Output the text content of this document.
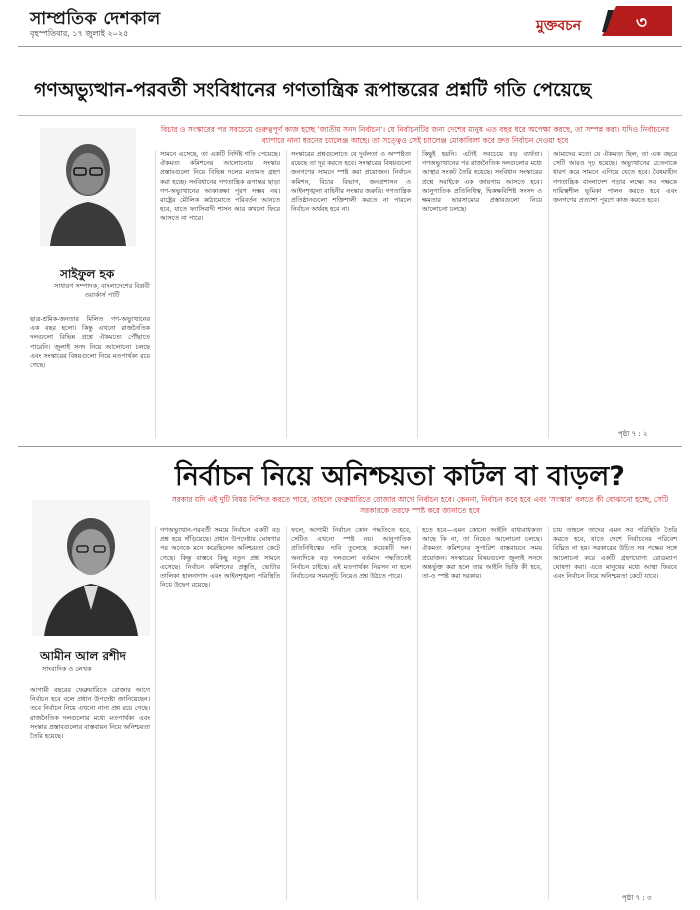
সাম্প্রতিক দেশকাল
বৃহস্পতিবার, ১৭ জুলাই ২০২৫	মুক্তবচন	৩
গণঅভ্যুত্থান-পরবর্তী সংবিধানের গণতান্ত্রিক রূপান্তরের প্রশ্নটি গতি পেয়েছে
সাইফুল হক
সাধারণ সম্পাদক, বাংলাদেশের বিপ্লবী ওয়ার্কার্স পার্টি
বিচার ও সংস্কারের পর সবচেয়ে গুরুত্বপূর্ণ কাজ হচ্ছে 'জাতীয় সনদ নির্বাচন'। যে নির্বাচনটির জন্য দেশের মানুষ এত বছর ধরে অপেক্ষা করছে, তা সম্পন্ন করা। যদিও নির্বাচনের ব্যাপারে নানা ধরনের চ্যালেঞ্জ আছে। তা সত্ত্বেও সেই চ্যালেঞ্জ মোকাবিলা করে দ্রুত নির্বাচন দেওয়া হবে
ছাত্র-শ্রমিক-জনতার মিলিত গণ-অভ্যুত্থানের এক বছর হলো। কিন্তু এখনো রাজনৈতিক দলগুলো বিভিন্ন প্রশ্নে ঐকমত্যে পৌঁছাতে পারেনি। জুলাই সনদ নিয়ে আলোচনা চলছে এবং সংস্কারের বিষয়গুলো নিয়ে মতপার্থক্য রয়ে গেছে।
সামনে এসেছে, তা একটি নির্দিষ্ট গতি পেয়েছে। ঐকমত্য কমিশনের আলোচনায় সংস্কার প্রস্তাবগুলো নিয়ে বিভিন্ন দলের মতামত গ্রহণ করা হচ্ছে। সংবিধানের গণতান্ত্রিক রূপান্তর ছাড়া গণ-অভ্যুত্থানের আকাঙ্ক্ষা পূরণ সম্ভব নয়। রাষ্ট্রের মৌলিক কাঠামোতে পরিবর্তন আনতে হবে, যাতে ফ্যাসিবাদী শাসন আর কখনো ফিরে আসতে না পারে।
সংস্কারের প্রশ্নগুলোতে যে দুর্বলতা ও অস্পষ্টতা রয়েছে তা দূর করতে হবে। সংস্কারের বিষয়গুলো জনগণের সামনে স্পষ্ট করা প্রয়োজন। নির্বাচন কমিশন, বিচার বিভাগ, জনপ্রশাসন ও আইনশৃঙ্খলা বাহিনীর সংস্কার জরুরি। গণতান্ত্রিক প্রতিষ্ঠানগুলো শক্তিশালী করতে না পারলে নির্বাচন অর্থবহ হবে না।
কিছুই হয়নি। এটাই সবচেয়ে বড় ব্যর্থতা। গণঅভ্যুত্থানের পর রাজনৈতিক দলগুলোর মধ্যে আস্থার সংকট তৈরি হয়েছে। সংবিধান সংস্কারের প্রশ্নে সবাইকে এক জায়গায় আসতে হবে। আনুপাতিক প্রতিনিধিত্ব, দ্বিকক্ষবিশিষ্ট সংসদ ও ক্ষমতার ভারসাম্যের প্রস্তাবগুলো নিয়ে আলোচনা চলছে।
আমাদের মতো যে ঐকমত্য ছিল, তা এক বছরে সেটি আরও দৃঢ় হয়েছে। অভ্যুত্থানের চেতনাকে ধারণ করে সামনে এগিয়ে যেতে হবে। বৈষম্যহীন গণতান্ত্রিক বাংলাদেশ গড়ার লক্ষ্যে সব পক্ষকে দায়িত্বশীল ভূমিকা পালন করতে হবে এবং জনগণের প্রত্যাশা পূরণে কাজ করতে হবে।
পৃষ্ঠা ৭ : ২
নির্বাচন নিয়ে অনিশ্চয়তা কাটল বা বাড়ল?
সরকার যদি এই দুটি বিষয় নিশ্চিত করতে পারে, তাহলে ফেব্রুয়ারিতে রোজার আগে নির্বাচন হবে। কেননা, নির্বাচন কবে হবে এবং 'সংস্কার' বলতে কী বোঝানো হচ্ছে, সেটি সরকারকে তরফে স্পষ্ট করে জানাতে হবে
আমীন আল রশীদ
সাংবাদিক ও লেখক
আগামী বছরের ফেব্রুয়ারিতে রোজার আগে নির্বাচন হবে বলে প্রধান উপদেষ্টা জানিয়েছেন। তবে নির্বাচন নিয়ে এখনো নানা প্রশ্ন রয়ে গেছে। রাজনৈতিক দলগুলোর মধ্যে মতপার্থক্য এবং সংস্কার প্রস্তাবগুলোর বাস্তবায়ন নিয়ে অনিশ্চয়তা তৈরি হয়েছে।
গণঅভ্যুত্থান-পরবর্তী সময়ে নির্বাচন একটি বড় প্রশ্ন হয়ে দাঁড়িয়েছে। প্রধান উপদেষ্টার ঘোষণার পর অনেকে মনে করেছিলেন অনিশ্চয়তা কেটে গেছে। কিন্তু বাস্তবে কিছু নতুন প্রশ্ন সামনে এসেছে। নির্বাচন কমিশনের প্রস্তুতি, ভোটার তালিকা হালনাগাদ এবং আইনশৃঙ্খলা পরিস্থিতি নিয়ে উদ্বেগ রয়েছে।
ফলে, আগামী নির্বাচন কোন পদ্ধতিতে হবে, সেটিও এখনো স্পষ্ট নয়। আনুপাতিক প্রতিনিধিত্বের দাবি তুলেছে কয়েকটি দল। অন্যদিকে বড় দলগুলো বর্তমান পদ্ধতিতেই নির্বাচন চাইছে। এই মতপার্থক্য নিরসন না হলে নির্বাচনের সময়সূচি নিয়েও প্রশ্ন উঠতে পারে।
হতে হবে—এমন কোনো আইনি বাধ্যবাধকতা আছে কি না, তা নিয়েও আলোচনা চলছে। ঐকমত্য কমিশনের সুপারিশ বাস্তবায়নে সময় প্রয়োজন। সংস্কারের বিষয়গুলো জুলাই সনদে অন্তর্ভুক্ত করা হলে তার আইনি ভিত্তি কী হবে, তা-ও স্পষ্ট করা দরকার।
চায় তাহলে তাদের এমন সব পরিস্থিতি তৈরি করতে হবে, যাতে দেশে নির্বাচনের পরিবেশ বিঘ্নিত না হয়। সরকারের উচিত সব পক্ষের সঙ্গে আলোচনা করে একটি গ্রহণযোগ্য রোডম্যাপ ঘোষণা করা। এতে মানুষের মধ্যে আস্থা ফিরবে এবং নির্বাচন নিয়ে অনিশ্চয়তা কেটে যাবে।
পৃষ্ঠা ৭ : ৩
